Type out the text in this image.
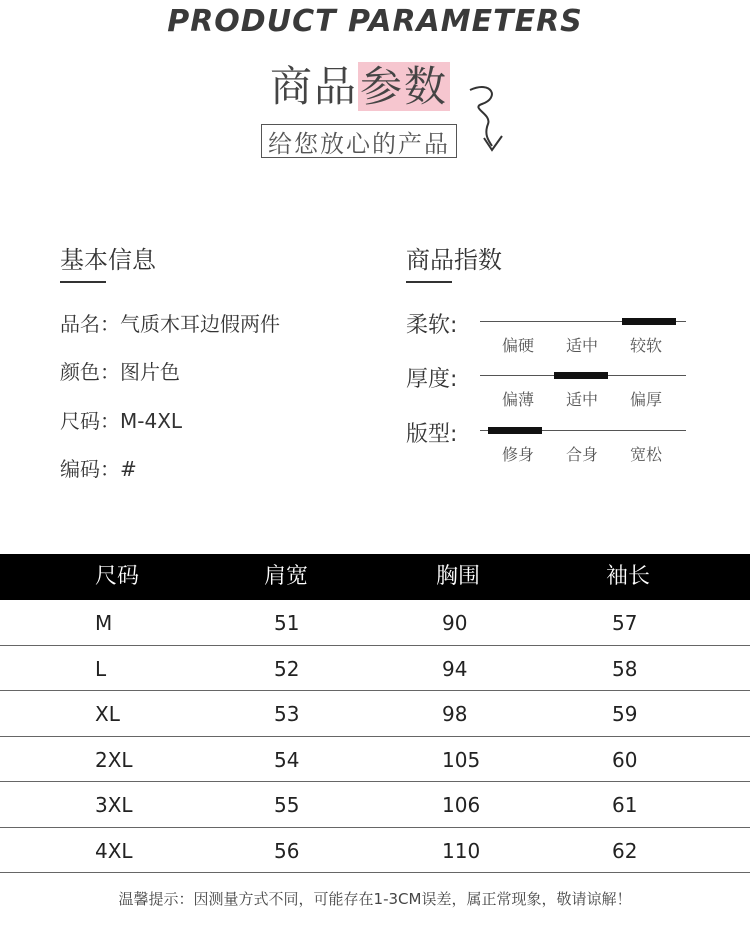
PRODUCT PARAMETERS
商品参数
给您放心的产品
基本信息
品名：气质木耳边假两件
颜色：图片色
尺码：M-4XL
编码：#
商品指数
柔软:
偏硬 适中 较软
厚度:
偏薄 适中 偏厚
版型:
修身 合身 宽松
尺码	肩宽	胸围	袖长
M	51	90	57
L	52	94	58
XL	53	98	59
2XL	54	105	60
3XL	55	106	61
4XL	56	110	62
温馨提示：因测量方式不同，可能存在1-3CM误差，属正常现象，敬请谅解！
